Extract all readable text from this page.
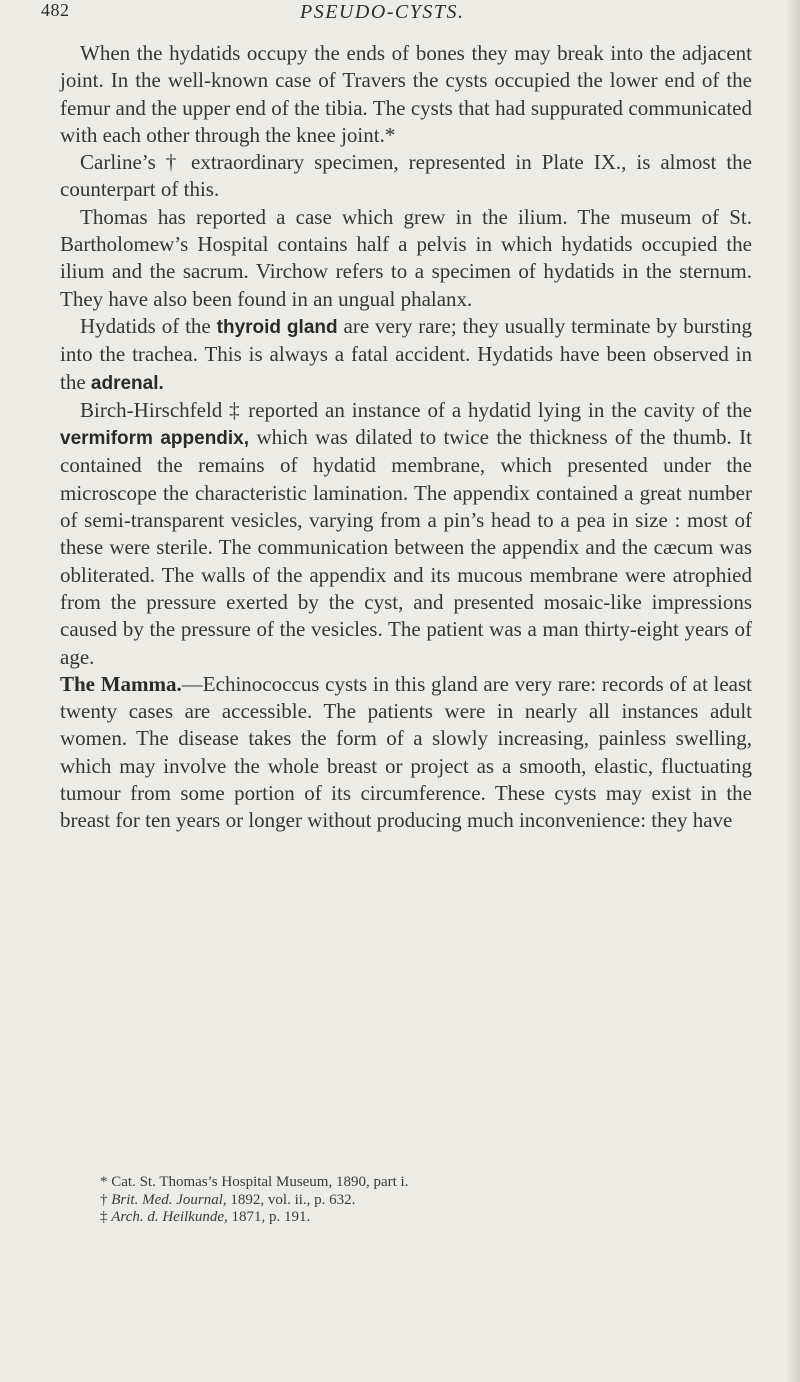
482	PSEUDO-CYSTS.

When the hydatids occupy the ends of bones they may break into the adjacent joint. In the well-known case of Travers the cysts occupied the lower end of the femur and the upper end of the tibia. The cysts that had suppurated communicated with each other through the knee joint.*

Carline’s † extraordinary specimen, represented in Plate IX., is almost the counterpart of this.

Thomas has reported a case which grew in the ilium. The museum of St. Bartholomew’s Hospital contains half a pelvis in which hydatids occupied the ilium and the sacrum. Virchow refers to a specimen of hydatids in the sternum. They have also been found in an ungual phalanx.

Hydatids of the thyroid gland are very rare; they usually terminate by bursting into the trachea. This is always a fatal accident. Hydatids have been observed in the adrenal.

Birch-Hirschfeld ‡ reported an instance of a hydatid lying in the cavity of the vermiform appendix, which was dilated to twice the thickness of the thumb. It contained the remains of hydatid membrane, which presented under the microscope the characteristic lamination. The appendix contained a great number of semi-transparent vesicles, varying from a pin’s head to a pea in size : most of these were sterile. The communication between the appendix and the cæcum was obliterated. The walls of the appendix and its mucous membrane were atrophied from the pressure exerted by the cyst, and presented mosaic-like impressions caused by the pressure of the vesicles. The patient was a man thirty-eight years of age.

The Mamma.—Echinococcus cysts in this gland are very rare: records of at least twenty cases are accessible. The patients were in nearly all instances adult women. The disease takes the form of a slowly increasing, painless swelling, which may involve the whole breast or project as a smooth, elastic, fluctuating tumour from some portion of its circumference. These cysts may exist in the breast for ten years or longer without producing much inconvenience: they have

* Cat. St. Thomas’s Hospital Museum, 1890, part i.
† Brit. Med. Journal, 1892, vol. ii., p. 632.
‡ Arch. d. Heilkunde, 1871, p. 191.
